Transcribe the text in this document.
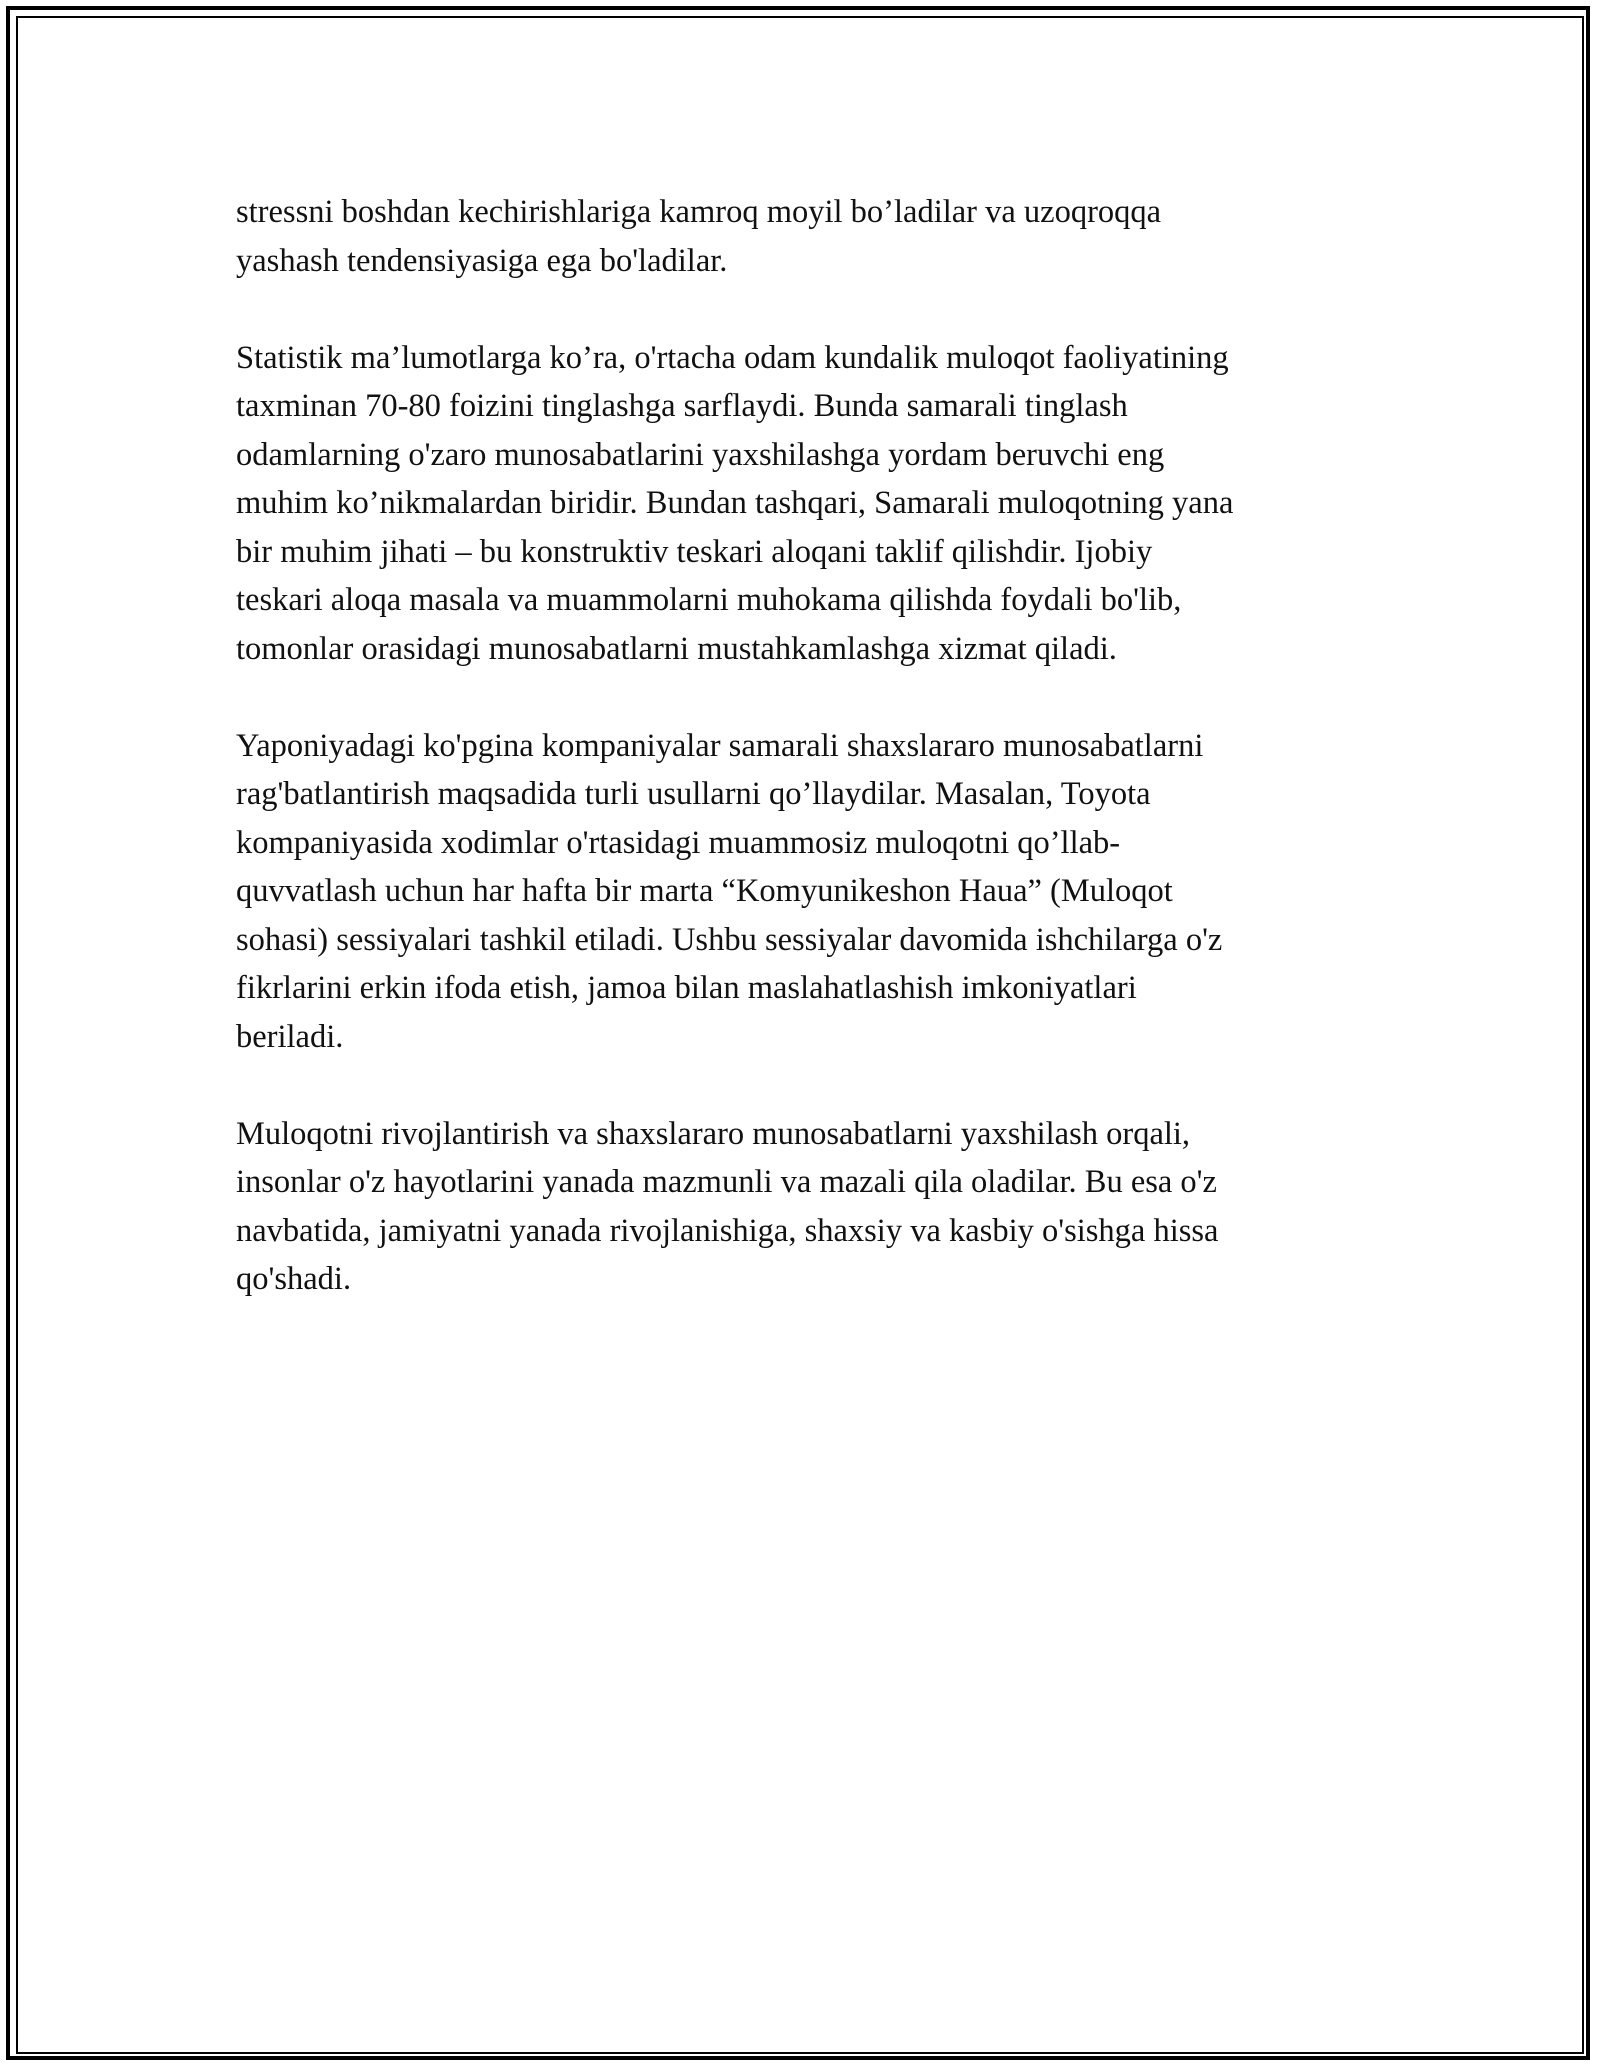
stressni boshdan kechirishlariga kamroq moyil bo’ladilar va uzoqroqqa
yashash tendensiyasiga ega bo'ladilar.

Statistik ma’lumotlarga ko’ra, o'rtacha odam kundalik muloqot faoliyatining
taxminan 70-80 foizini tinglashga sarflaydi. Bunda samarali tinglash
odamlarning o'zaro munosabatlarini yaxshilashga yordam beruvchi eng
muhim ko’nikmalardan biridir. Bundan tashqari, Samarali muloqotning yana
bir muhim jihati – bu konstruktiv teskari aloqani taklif qilishdir. Ijobiy
teskari aloqa masala va muammolarni muhokama qilishda foydali bo'lib,
tomonlar orasidagi munosabatlarni mustahkamlashga xizmat qiladi.

Yaponiyadagi ko'pgina kompaniyalar samarali shaxslararo munosabatlarni
rag'batlantirish maqsadida turli usullarni qo’llaydilar. Masalan, Toyota
kompaniyasida xodimlar o'rtasidagi muammosiz muloqotni qo’llab-
quvvatlash uchun har hafta bir marta “Komyunikeshon Haua” (Muloqot
sohasi) sessiyalari tashkil etiladi. Ushbu sessiyalar davomida ishchilarga o'z
fikrlarini erkin ifoda etish, jamoa bilan maslahatlashish imkoniyatlari
beriladi.

Muloqotni rivojlantirish va shaxslararo munosabatlarni yaxshilash orqali,
insonlar o'z hayotlarini yanada mazmunli va mazali qila oladilar. Bu esa o'z
navbatida, jamiyatni yanada rivojlanishiga, shaxsiy va kasbiy o'sishga hissa
qo'shadi.
